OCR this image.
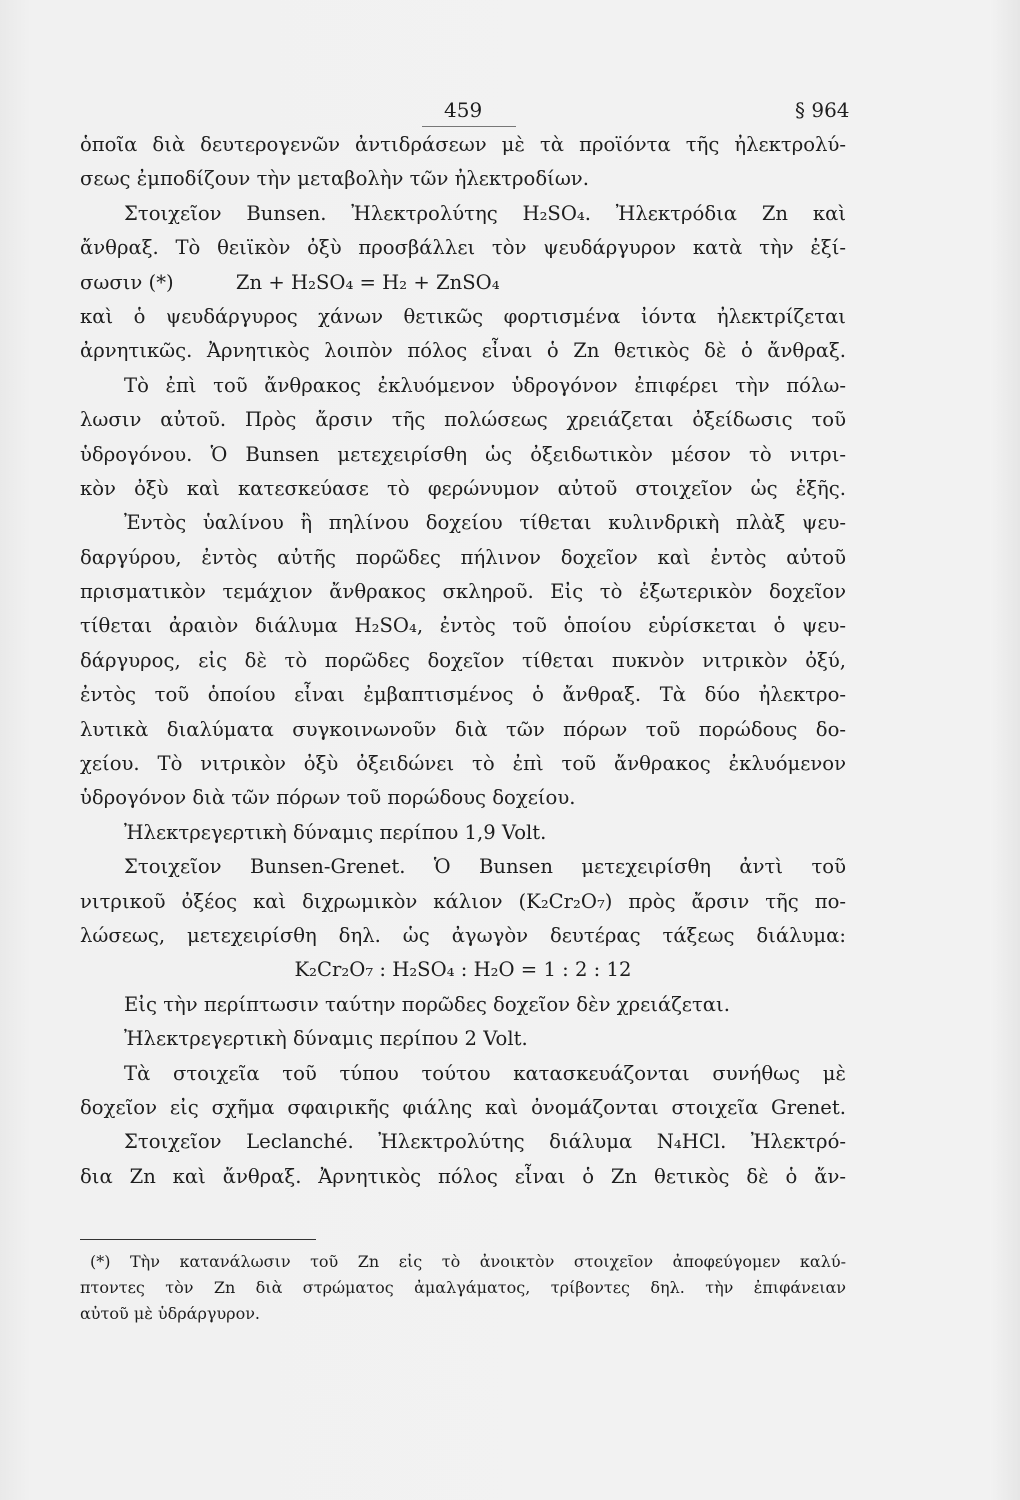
459	§ 964
ὁποῖα διὰ δευτερογενῶν ἀντιδράσεων μὲ τὰ προϊόντα τῆς ἠλεκτρολύ-
σεως ἐμποδίζουν τὴν μεταβολὴν τῶν ἠλεκτροδίων.
Στοιχεῖον Bunsen. Ἠλεκτρολύτης H₂SO₄. Ἠλεκτρόδια Zn καὶ
ἄνθραξ. Τὸ θειϊκὸν ὀξὺ προσβάλλει τὸν ψευδάργυρον κατὰ τὴν ἐξί-
σωσιν (*)          Zn + H₂SO₄ = H₂ + ZnSO₄
καὶ ὁ ψευδάργυρος χάνων θετικῶς φορτισμένα ἰόντα ἠλεκτρίζεται
ἀρνητικῶς. Ἀρνητικὸς λοιπὸν πόλος εἶναι ὁ Zn θετικὸς δὲ ὁ ἄνθραξ.
Τὸ ἐπὶ τοῦ ἄνθρακος ἐκλυόμενον ὑδρογόνον ἐπιφέρει τὴν πόλω-
λωσιν αὐτοῦ. Πρὸς ἄρσιν τῆς πολώσεως χρειάζεται ὀξείδωσις τοῦ
ὑδρογόνου. Ὁ Bunsen μετεχειρίσθη ὡς ὀξειδωτικὸν μέσον τὸ νιτρι-
κὸν ὀξὺ καὶ κατεσκεύασε τὸ φερώνυμον αὐτοῦ στοιχεῖον ὡς ἑξῆς.
Ἐντὸς ὑαλίνου ἢ πηλίνου δοχείου τίθεται κυλινδρικὴ πλὰξ ψευ-
δαργύρου, ἐντὸς αὐτῆς πορῶδες πήλινον δοχεῖον καὶ ἐντὸς αὐτοῦ
πρισματικὸν τεμάχιον ἄνθρακος σκληροῦ. Εἰς τὸ ἐξωτερικὸν δοχεῖον
τίθεται ἀραιὸν διάλυμα H₂SO₄, ἐντὸς τοῦ ὁποίου εὑρίσκεται ὁ ψευ-
δάργυρος, εἰς δὲ τὸ πορῶδες δοχεῖον τίθεται πυκνὸν νιτρικὸν ὀξύ,
ἐντὸς τοῦ ὁποίου εἶναι ἐμβαπτισμένος ὁ ἄνθραξ. Τὰ δύο ἠλεκτρο-
λυτικὰ διαλύματα συγκοινωνοῦν διὰ τῶν πόρων τοῦ πορώδους δο-
χείου. Τὸ νιτρικὸν ὀξὺ ὀξειδώνει τὸ ἐπὶ τοῦ ἄνθρακος ἐκλυόμενον
ὑδρογόνον διὰ τῶν πόρων τοῦ πορώδους δοχείου.
Ἠλεκτρεγερτικὴ δύναμις περίπου 1,9 Volt.
Στοιχεῖον Bunsen-Grenet. Ὁ Bunsen μετεχειρίσθη ἀντὶ τοῦ
νιτρικοῦ ὀξέος καὶ διχρωμικὸν κάλιον (K₂Cr₂O₇) πρὸς ἄρσιν τῆς πο-
λώσεως, μετεχειρίσθη δηλ. ὡς ἀγωγὸν δευτέρας τάξεως διάλυμα:
K₂Cr₂O₇ : H₂SO₄ : H₂O = 1 : 2 : 12
Εἰς τὴν περίπτωσιν ταύτην πορῶδες δοχεῖον δὲν χρειάζεται.
Ἠλεκτρεγερτικὴ δύναμις περίπου 2 Volt.
Τὰ στοιχεῖα τοῦ τύπου τούτου κατασκευάζονται συνήθως μὲ
δοχεῖον εἰς σχῆμα σφαιρικῆς φιάλης καὶ ὀνομάζονται στοιχεῖα Grenet.
Στοιχεῖον Leclanché. Ἠλεκτρολύτης διάλυμα N₄HCl. Ἠλεκτρό-
δια Zn καὶ ἄνθραξ. Ἀρνητικὸς πόλος εἶναι ὁ Zn θετικὸς δὲ ὁ ἄν-
(*) Τὴν κατανάλωσιν τοῦ Zn εἰς τὸ ἀνοικτὸν στοιχεῖον ἀποφεύγομεν καλύ-
πτοντες τὸν Zn διὰ στρώματος ἀμαλγάματος, τρίβοντες δηλ. τὴν ἐπιφάνειαν
αὐτοῦ μὲ ὑδράργυρον.
